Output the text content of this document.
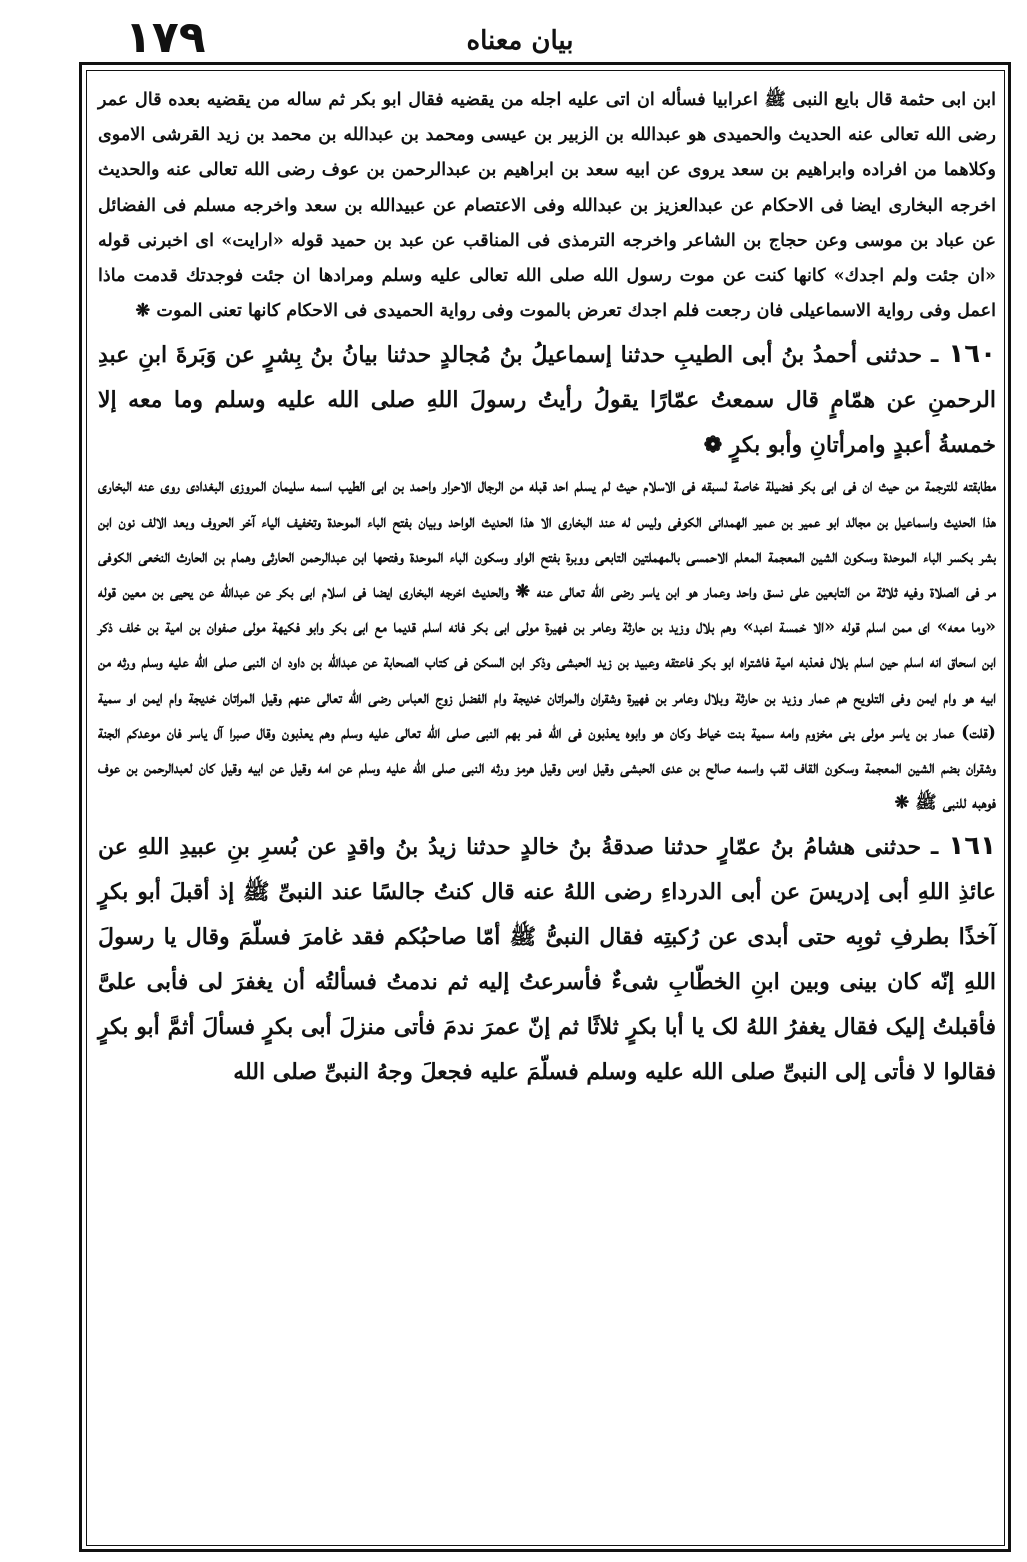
١٧٩	بيان معناه

ابن ابی حثمة قال بايع النبی ﷺ اعرابيا فسأله ان اتی عليه اجله من يقضيه فقال ابو بكر ثم ساله من يقضيه بعده قال عمر رضی الله تعالی عنه الحديث والحميدی هو عبدالله بن الزبير بن عيسی ومحمد بن عبدالله بن محمد بن زيد القرشی الاموی وكلاهما من افراده وابراهيم بن سعد يروی عن ابيه سعد بن ابراهيم بن عبدالرحمن بن عوف رضی الله تعالی عنه والحديث اخرجه البخاری ايضا فی الاحكام عن عبدالعزيز بن عبدالله وفی الاعتصام عن عبيدالله بن سعد واخرجه مسلم فی الفضائل عن عباد بن موسی وعن حجاج بن الشاعر واخرجه الترمذی فی المناقب عن عبد بن حميد قوله «ارايت» ای اخبرنی قوله «ان جئت ولم اجدك» كانها كنت عن موت رسول الله صلی الله تعالی عليه وسلم ومرادها ان جئت فوجدتك قدمت ماذا اعمل وفی رواية الاسماعيلی فان رجعت فلم اجدك تعرض بالموت وفی رواية الحميدی فی الاحكام كانها تعنی الموت ❋

١٦٠ـ حدثنی أحمدُ بنُ أبی الطیبِ حدثنا إسماعیلُ بنُ مُجالدٍ حدثنا بیانُ بنُ بِشرٍ عن وَبَرةَ ابنِ عبدِ الرحمنِ عن همّامٍ قال سمعتُ عمّارًا یقولُ رأیتُ رسولَ اللهِ صلی الله علیه وسلم وما معه إلا خمسةُ أعبدٍ وامرأتانِ وأبو بکرٍ ❁

مطابقته للترجمة من حيث ان فی ابی بكر فضيلة خاصة لسبقه فی الاسلام حيث لم يسلم احد قبله من الرجال الاحرار واحمد بن ابی الطيب اسمه سليمان المروزی البغدادی روی عنه البخاری هذا الحديث واسماعيل بن مجالد ابو عمير بن عمير الهمدانی الكوفی وليس له عند البخاری الا هذا الحديث الواحد وبيان بفتح الباء الموحدة وتخفيف الياء آخر الحروف وبعد الالف نون ابن بشر بكسر الباء الموحدة وسكون الشين المعجمة المعلم الاحمسی بالمهملتين التابعی ووبرة بفتح الواو وسكون الباء الموحدة وفتحها ابن عبدالرحمن الحارثی وهمام بن الحارث النخعی الكوفی مر فی الصلاة وفيه ثلاثة من التابعين علی نسق واحد وعمار هو ابن ياسر رضی الله تعالی عنه ❋ والحديث اخرجه البخاری ايضا فی اسلام ابی بكر عن عبدالله عن يحيی بن معين قوله «وما معه» ای ممن اسلم قوله «الا خمسة اعبد» وهم بلال وزيد بن حارثة وعامر بن فهيرة مولی ابی بكر فانه اسلم قديما مع ابی بكر وابو فكيهة مولی صفوان بن امية بن خلف ذكر ابن اسحاق انه اسلم حين اسلم بلال فعذبه امية فاشتراه ابو بكر فاعتقه وعبيد بن زيد الحبشی وذكر ابن السكن فی كتاب الصحابة عن عبدالله بن داود ان النبی صلی الله عليه وسلم ورثه من ابيه هو وام ايمن وفی التلويح هم عمار وزيد بن حارثة وبلال وعامر بن فهيرة وشقران والمراتان خديجة وام الفضل زوج العباس رضی الله تعالی عنهم وقيل المراتان خديجة وام ايمن او سمية (قلت) عمار بن ياسر مولی بنی مخزوم وامه سمية بنت خياط وكان هو وابوه يعذبون فی الله فمر بهم النبی صلی الله تعالی عليه وسلم وهم يعذبون وقال صبرا آل ياسر فان موعدكم الجنة وشقران بضم الشين المعجمة وسكون القاف لقب واسمه صالح بن عدی الحبشی وقيل اوس وقيل هرمز ورثه النبی صلی الله عليه وسلم عن امه وقيل عن ابيه وقيل كان لعبدالرحمن بن عوف فوهبه للنبی ﷺ ❋

١٦١ـ حدثنی هشامُ بنُ عمّارٍ حدثنا صدقةُ بنُ خالدٍ حدثنا زیدُ بنُ واقدٍ عن بُسرِ بنِ عبیدِ اللهِ عن عائذِ اللهِ أبی إدریسَ عن أبی الدرداءِ رضی اللهُ عنه قال کنتُ جالسًا عند النبیِّ ﷺ إذ أقبلَ أبو بکرٍ آخذًا بطرفِ ثوبِه حتی أبدی عن رُکبتِه فقال النبیُّ ﷺ أمّا صاحبُکم فقد غامرَ فسلّمَ وقال یا رسولَ اللهِ إنّه کان بینی وبین ابنِ الخطّابِ شیءٌ فأسرعتُ إلیه ثم ندمتُ فسألتُه أن یغفرَ لی فأبی علیَّ فأقبلتُ إلیک فقال یغفرُ اللهُ لک یا أبا بکرٍ ثلاثًا ثم إنّ عمرَ ندمَ فأتی منزلَ أبی بکرٍ فسألَ أثمَّ أبو بکرٍ فقالوا لا فأتی إلی النبیِّ صلی الله علیه وسلم فسلّمَ علیه فجعلَ وجهُ النبیِّ صلی الله
